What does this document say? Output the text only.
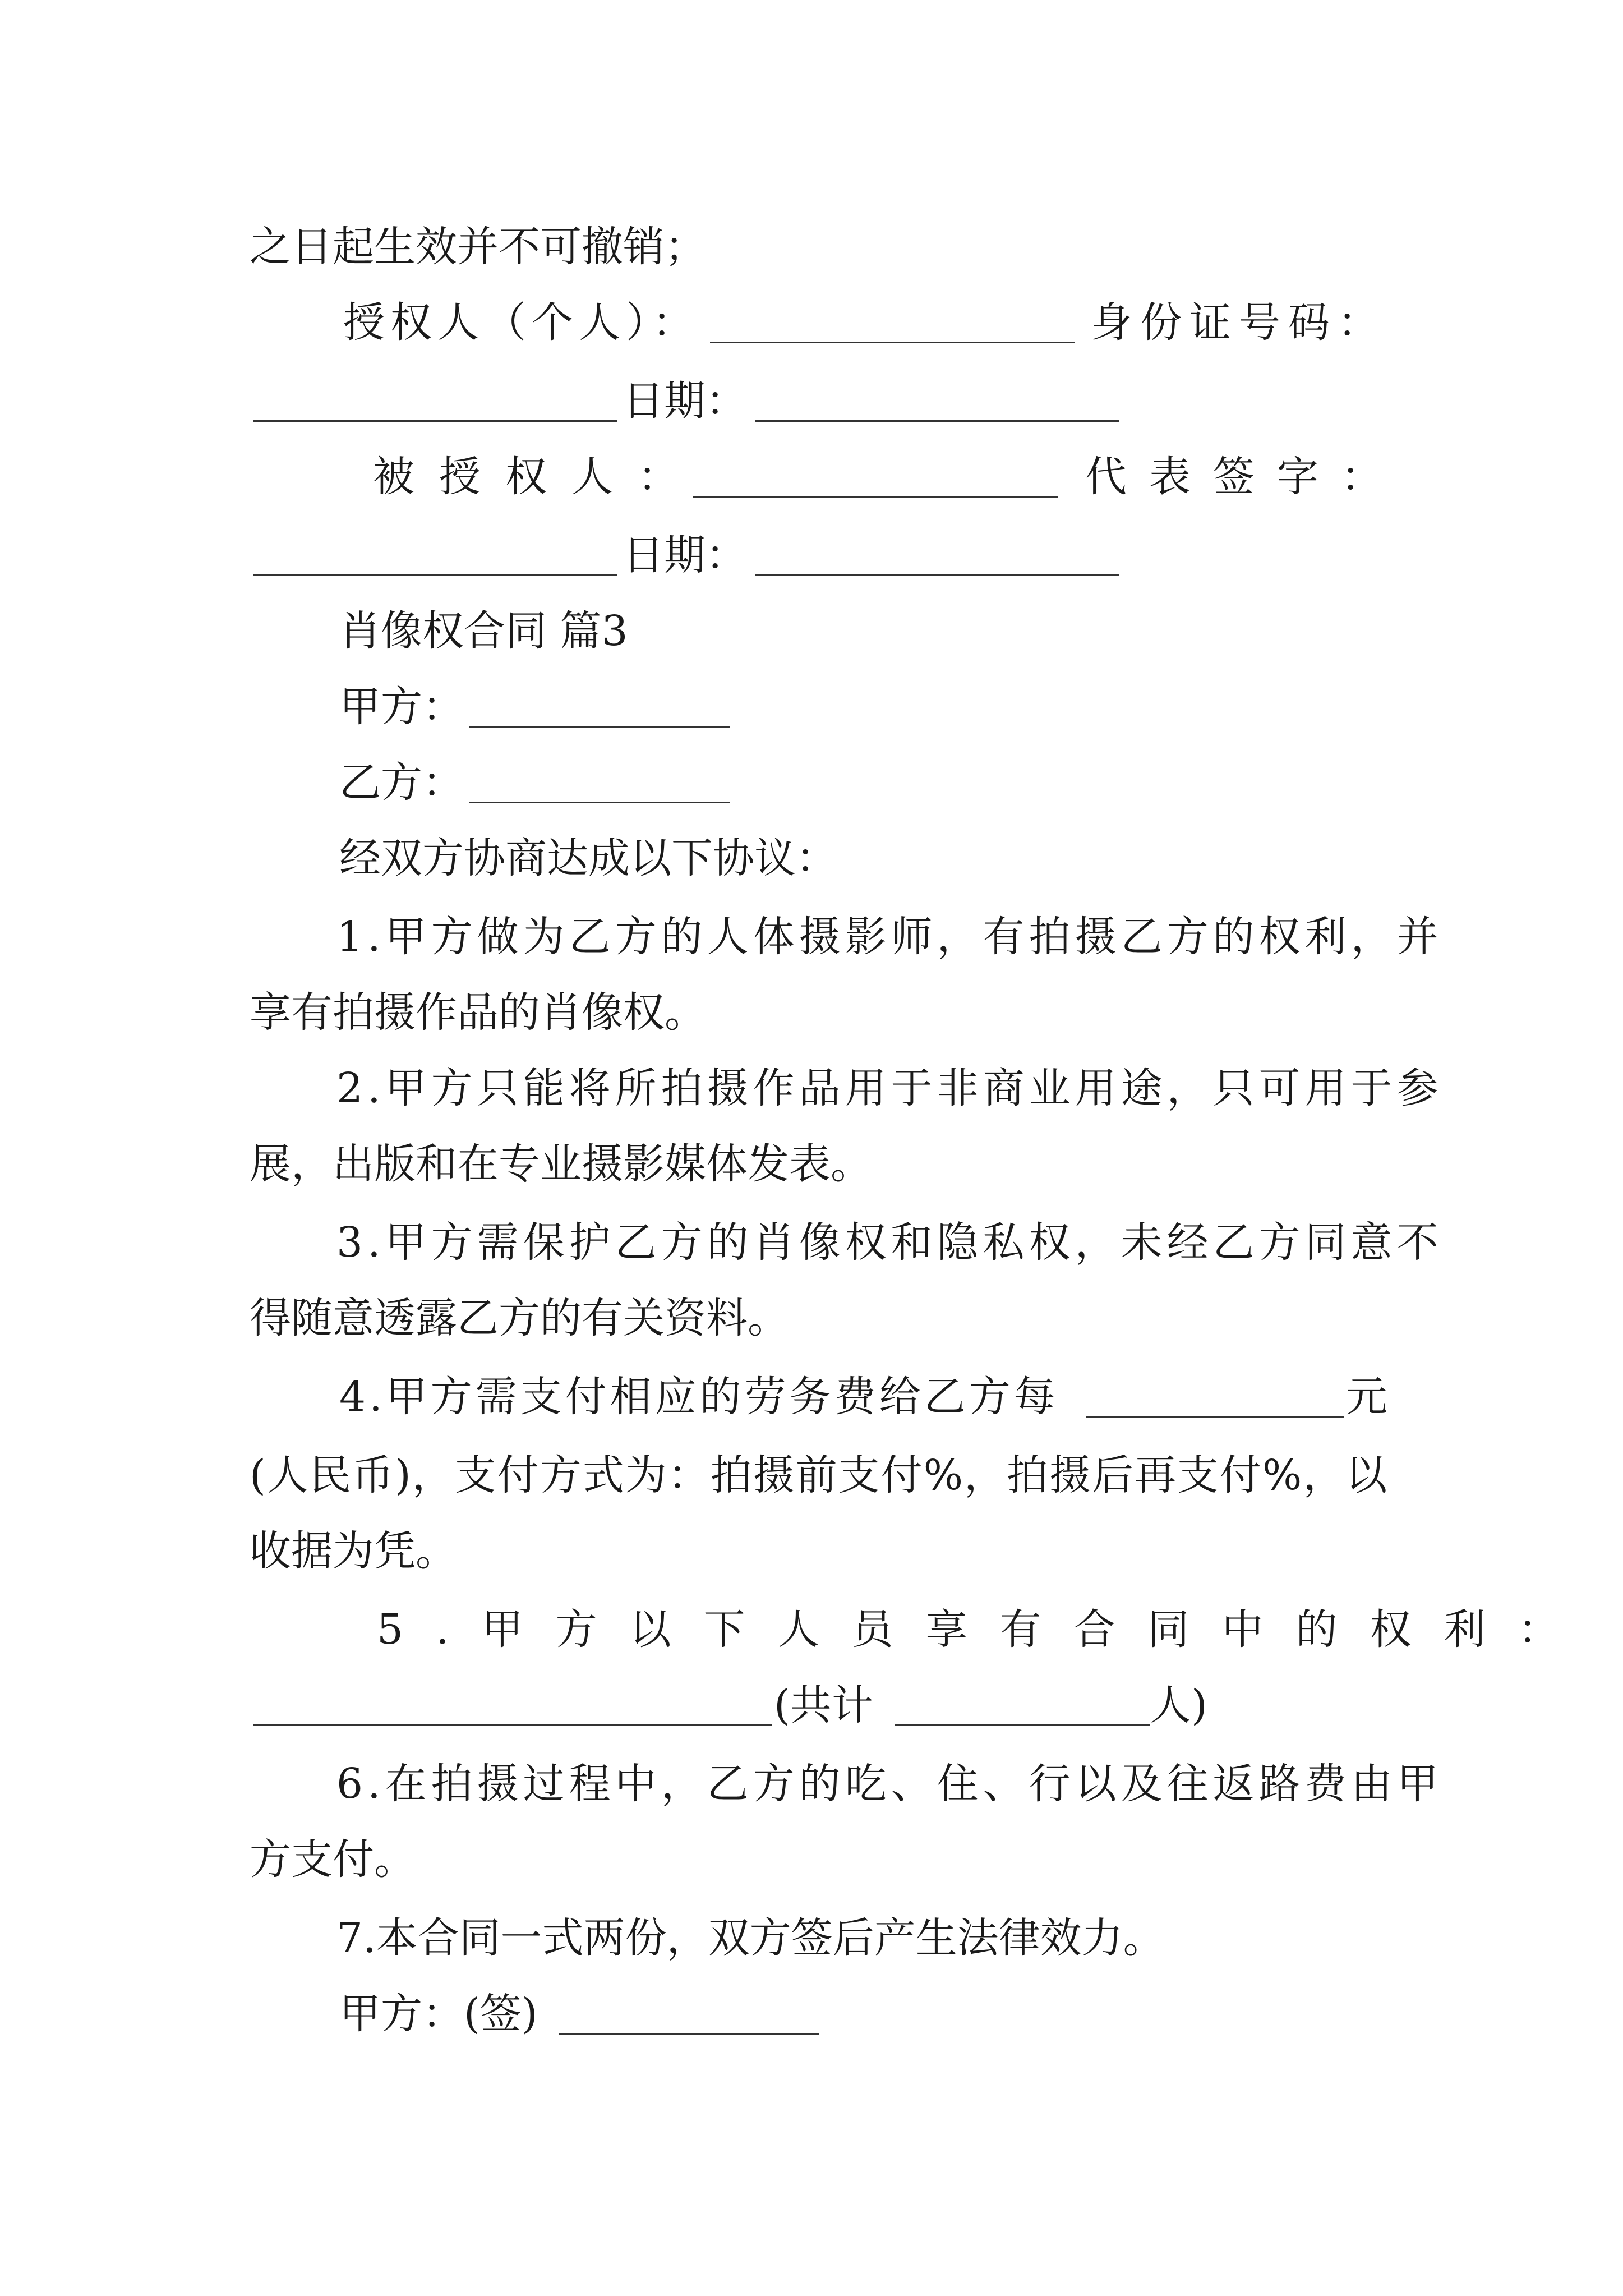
之日起生效并不可撤销；
授权人（个人）：	身份证号码：
日期：
被授权人：	代表签字：
日期：
肖像权合同 篇3
甲方：
乙方：
经双方协商达成以下协议：
1.甲方做为乙方的人体摄影师，有拍摄乙方的权利，并
享有拍摄作品的肖像权。
2.甲方只能将所拍摄作品用于非商业用途，只可用于参
展，出版和在专业摄影媒体发表。
3.甲方需保护乙方的肖像权和隐私权，未经乙方同意不
得随意透露乙方的有关资料。
4.甲方需支付相应的劳务费给乙方每	元
(人民币)，支付方式为：拍摄前支付%，拍摄后再支付%，以
收据为凭。
5.甲方以下人员享有合同中的权利：
(共计	人)
6.在拍摄过程中，乙方的吃、住、行以及往返路费由甲
方支付。
7.本合同一式两份，双方签后产生法律效力。
甲方：(签)
